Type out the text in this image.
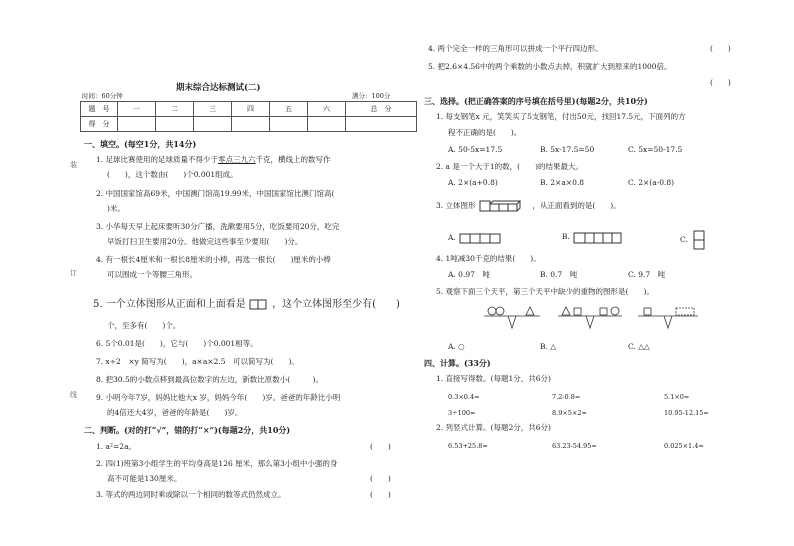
装
订
线
期末综合达标测试(二)
时间：60分钟	满分：100分
题　号	一	二	三	四	五	六	总　分
得　分							
一、填空。(每空1分，共14分)
1. 足球比赛使用的足球质量不得少于零点三九六千克，横线上的数写作
(　　)，这个数由(　　)个0.001组成。
2. 中国国家馆高69米，中国澳门馆高19.99米，中国国家馆比澳门馆高(
)米。
3. 小华每天早上起床要听30分广播，洗漱要用5分，吃饭要用20分，吃完
早饭打扫卫生要用20分。他做完这些事至少要用(　　)分。
4. 有一根长4厘米和一根长8厘米的小棒，再选一根长(　　)厘米的小棒
可以围成一个等腰三角形。
5. 一个立体图形从正面和上面看是	，这个立体图形至少有(　　)
个，至多有(　　)个。
6. 5个0.01是(　　)，它与(　　)个0.001相等。
7. x÷2　×y 简写为(　　)，a×a×2.5　可以简写为(　　)。
8. 把30.5的小数点移到最高位数字的左边，新数比原数小(　　　)。
9. 小明今年7岁，妈妈比他大x 岁，妈妈今年(　　)岁。爸爸的年龄比小明
的4倍还大4岁，爸爸的年龄是(　　)岁。
二、判断。(对的打“√”，错的打“×”)(每题2分，共10分)
1. a²=2a。	(　　)
2. 四(1)班第3小组学生的平均身高是126 厘米，那么第3小组中小强的身
高不可能是130厘米。	(　　)
3. 等式的两边同时乘或除以一个相同的数等式仍然成立。	(　　)
4. 两个完全一样的三角形可以拼成一个平行四边形。	(　　)
5. 把2.6×4.56中的两个乘数的小数点去掉，积就扩大到原来的1000倍。
(　　)
三、选择。(把正确答案的序号填在括号里)(每题2分，共10分)
1. 每支钢笔x 元，笑笑买了5支钢笔，付出50元，找回17.5元，下面列的方
程不正确的是(　　)。
A. 50-5x=17.5	B. 5x-17.5=50	C. 5x=50-17.5
2. a 是一个大于1的数，(　　)的结果最大。
A. 2×(a+0.8)	B. 2×a×0.8	C. 2×(a-0.8)
3. 立体图形	，从正面看到的是(　　)。
A.	B.	C.
4. 1吨减30千克的结果(　　)。
A. 0.97　吨	B. 0.7　吨	C. 9.7　吨
5. 观察下面三个天平，第三个天平中缺少的重物的图形是(　　)。
A. ○	B. △	C. △△
四、计算。(33分)
1. 直接写得数。(每题1分，共6分)
0.3×0.4=	7.2-0.8=	5.1×0=
3÷100=	8.9×5×2=	10.95-12.15=
2. 列竖式计算。(每题2分，共6分)
6.53+25.8=	63.23-54.95=	0.025×1.4=
